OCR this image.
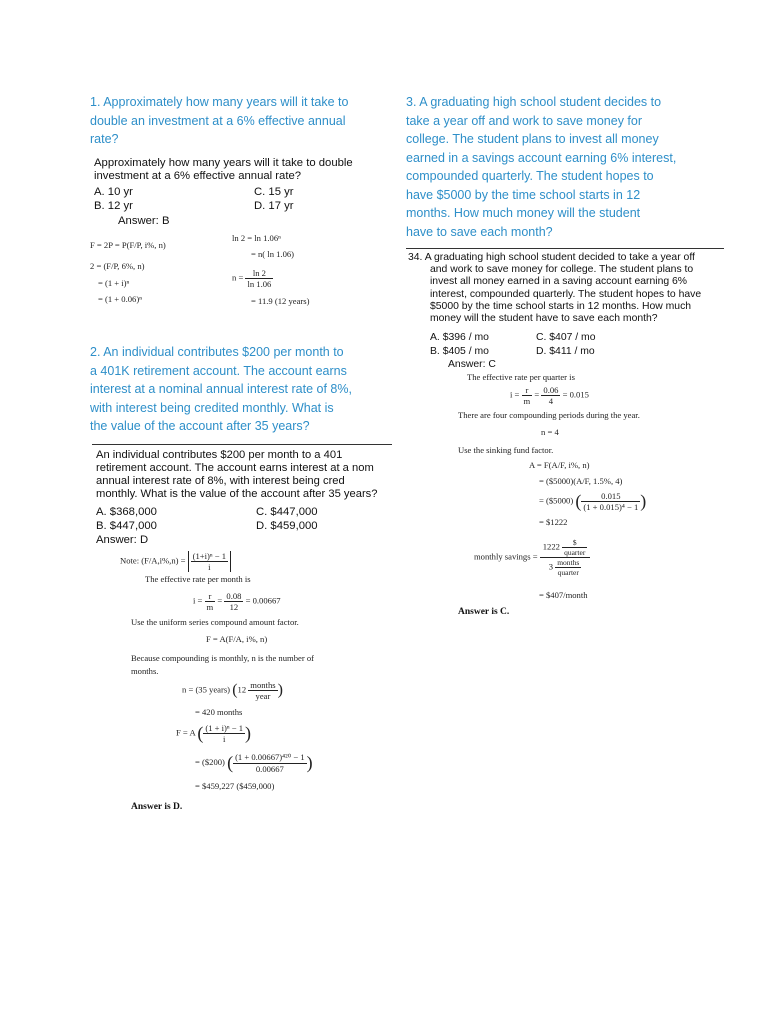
1. Approximately how many years will it take to
double an investment at a 6% effective annual
rate?
Approximately how many years will it take to double
investment at a 6% effective annual rate?
A. 10 yr	C. 15 yr
B. 12 yr	D. 17 yr
Answer: B
F = 2P = P(F/P, i%, n)
2 = (F/P, 6%, n)
= (1 + i)ⁿ
= (1 + 0.06)ⁿ
ln 2 = ln 1.06ⁿ
= n( ln 1.06)
$n = \frac{\ln 2}{\ln 1.06}$
= 11.9 (12 years)
2. An individual contributes $200 per month to
a 401K retirement account. The account earns
interest at a nominal annual interest rate of 8%,
with interest being credited monthly. What is
the value of the account after 35 years?
An individual contributes $200 per month to a 401
retirement account. The account earns interest at a nom
annual interest rate of 8%, with interest being cred
monthly. What is the value of the account after 35 years?
A. $368,000	C. $447,000
B. $447,000	D. $459,000
Answer: D
Note: $(F/A,i\%,n) = \frac{\text{(1+i)ⁿ − 1}}{i}$
The effective rate per month is
$i = \frac{r}{m} = \frac{0.08}{12} = 0.00667$
Use the uniform series compound amount factor.
F = A(F/A, i%, n)
Because compounding is monthly, n is the number of
months.
n = (35 years) ($12 \frac{\text{months}}{\text{year}}$ )
= 420 months
F = A ( $\frac{\text{(1 + i)ⁿ − 1}}{i}$ )
= ($200) ( $\frac{\text{(1 + 0.00667)⁴²⁰ − 1}}{0.00667}$ )
= $459,227 ($459,000)
Answer is D.
3. A graduating high school student decides to
take a year off and work to save money for
college. The student plans to invest all money
earned in a savings account earning 6% interest,
compounded quarterly. The student hopes to
have $5000 by the time school starts in 12
months. How much money will the student
have to save each month?
34. A graduating high school student decided to take a year off
and work to save money for college. The student plans to
invest all money earned in a saving account earning 6%
interest, compounded quarterly. The student hopes to have
$5000 by the time school starts in 12 months. How much
money will the student have to save each month?
A. $396 / mo	C. $407 / mo
B. $405 / mo	D. $411 / mo
Answer: C
The effective rate per quarter is
$i = \frac{r}{m} = \frac{0.06}{4} = 0.015$
There are four compounding periods during the year.
n = 4
Use the sinking fund factor.
A = F(A/F, i%, n)
= ($5000)(A/F, 1.5%, 4)
= ($5000) ( $\frac{0.015}{\text{(1 + 0.015)⁴ − 1}}$ )
= $1222
monthly savings = $\frac{1222 \frac{\$}{\text{quarter}}}{3 \frac{\text{months}}{\text{quarter}}}$
= $407/month
Answer is C.
